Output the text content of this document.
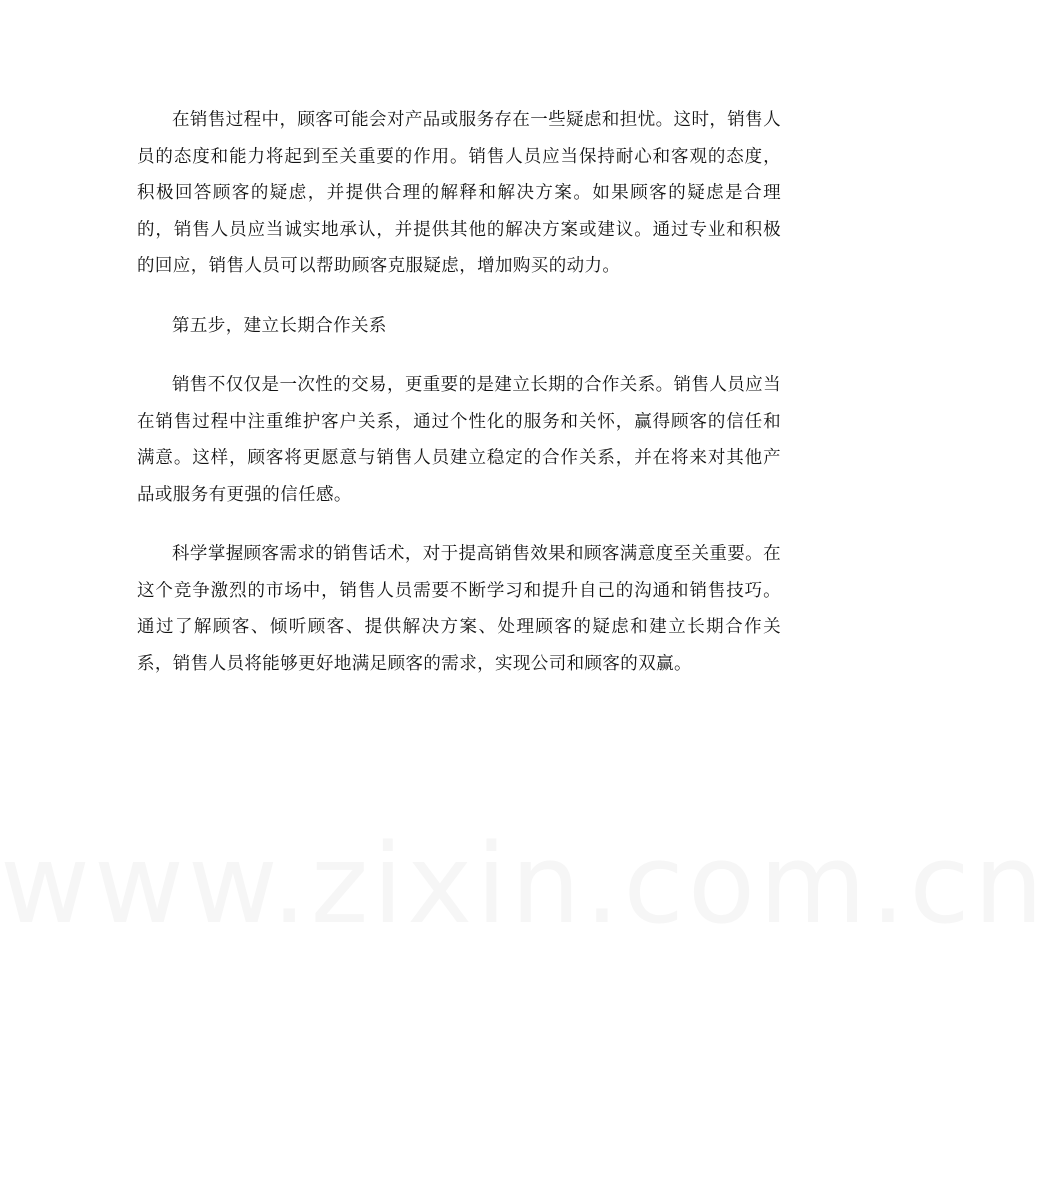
在销售过程中，顾客可能会对产品或服务存在一些疑虑和担忧。这时，销售人员的态度和能力将起到至关重要的作用。销售人员应当保持耐心和客观的态度，积极回答顾客的疑虑，并提供合理的解释和解决方案。如果顾客的疑虑是合理的，销售人员应当诚实地承认，并提供其他的解决方案或建议。通过专业和积极的回应，销售人员可以帮助顾客克服疑虑，增加购买的动力。

第五步，建立长期合作关系

销售不仅仅是一次性的交易，更重要的是建立长期的合作关系。销售人员应当在销售过程中注重维护客户关系，通过个性化的服务和关怀，赢得顾客的信任和满意。这样，顾客将更愿意与销售人员建立稳定的合作关系，并在将来对其他产品或服务有更强的信任感。

科学掌握顾客需求的销售话术，对于提高销售效果和顾客满意度至关重要。在这个竞争激烈的市场中，销售人员需要不断学习和提升自己的沟通和销售技巧。通过了解顾客、倾听顾客、提供解决方案、处理顾客的疑虑和建立长期合作关系，销售人员将能够更好地满足顾客的需求，实现公司和顾客的双赢。

www.zixin.com.cn
